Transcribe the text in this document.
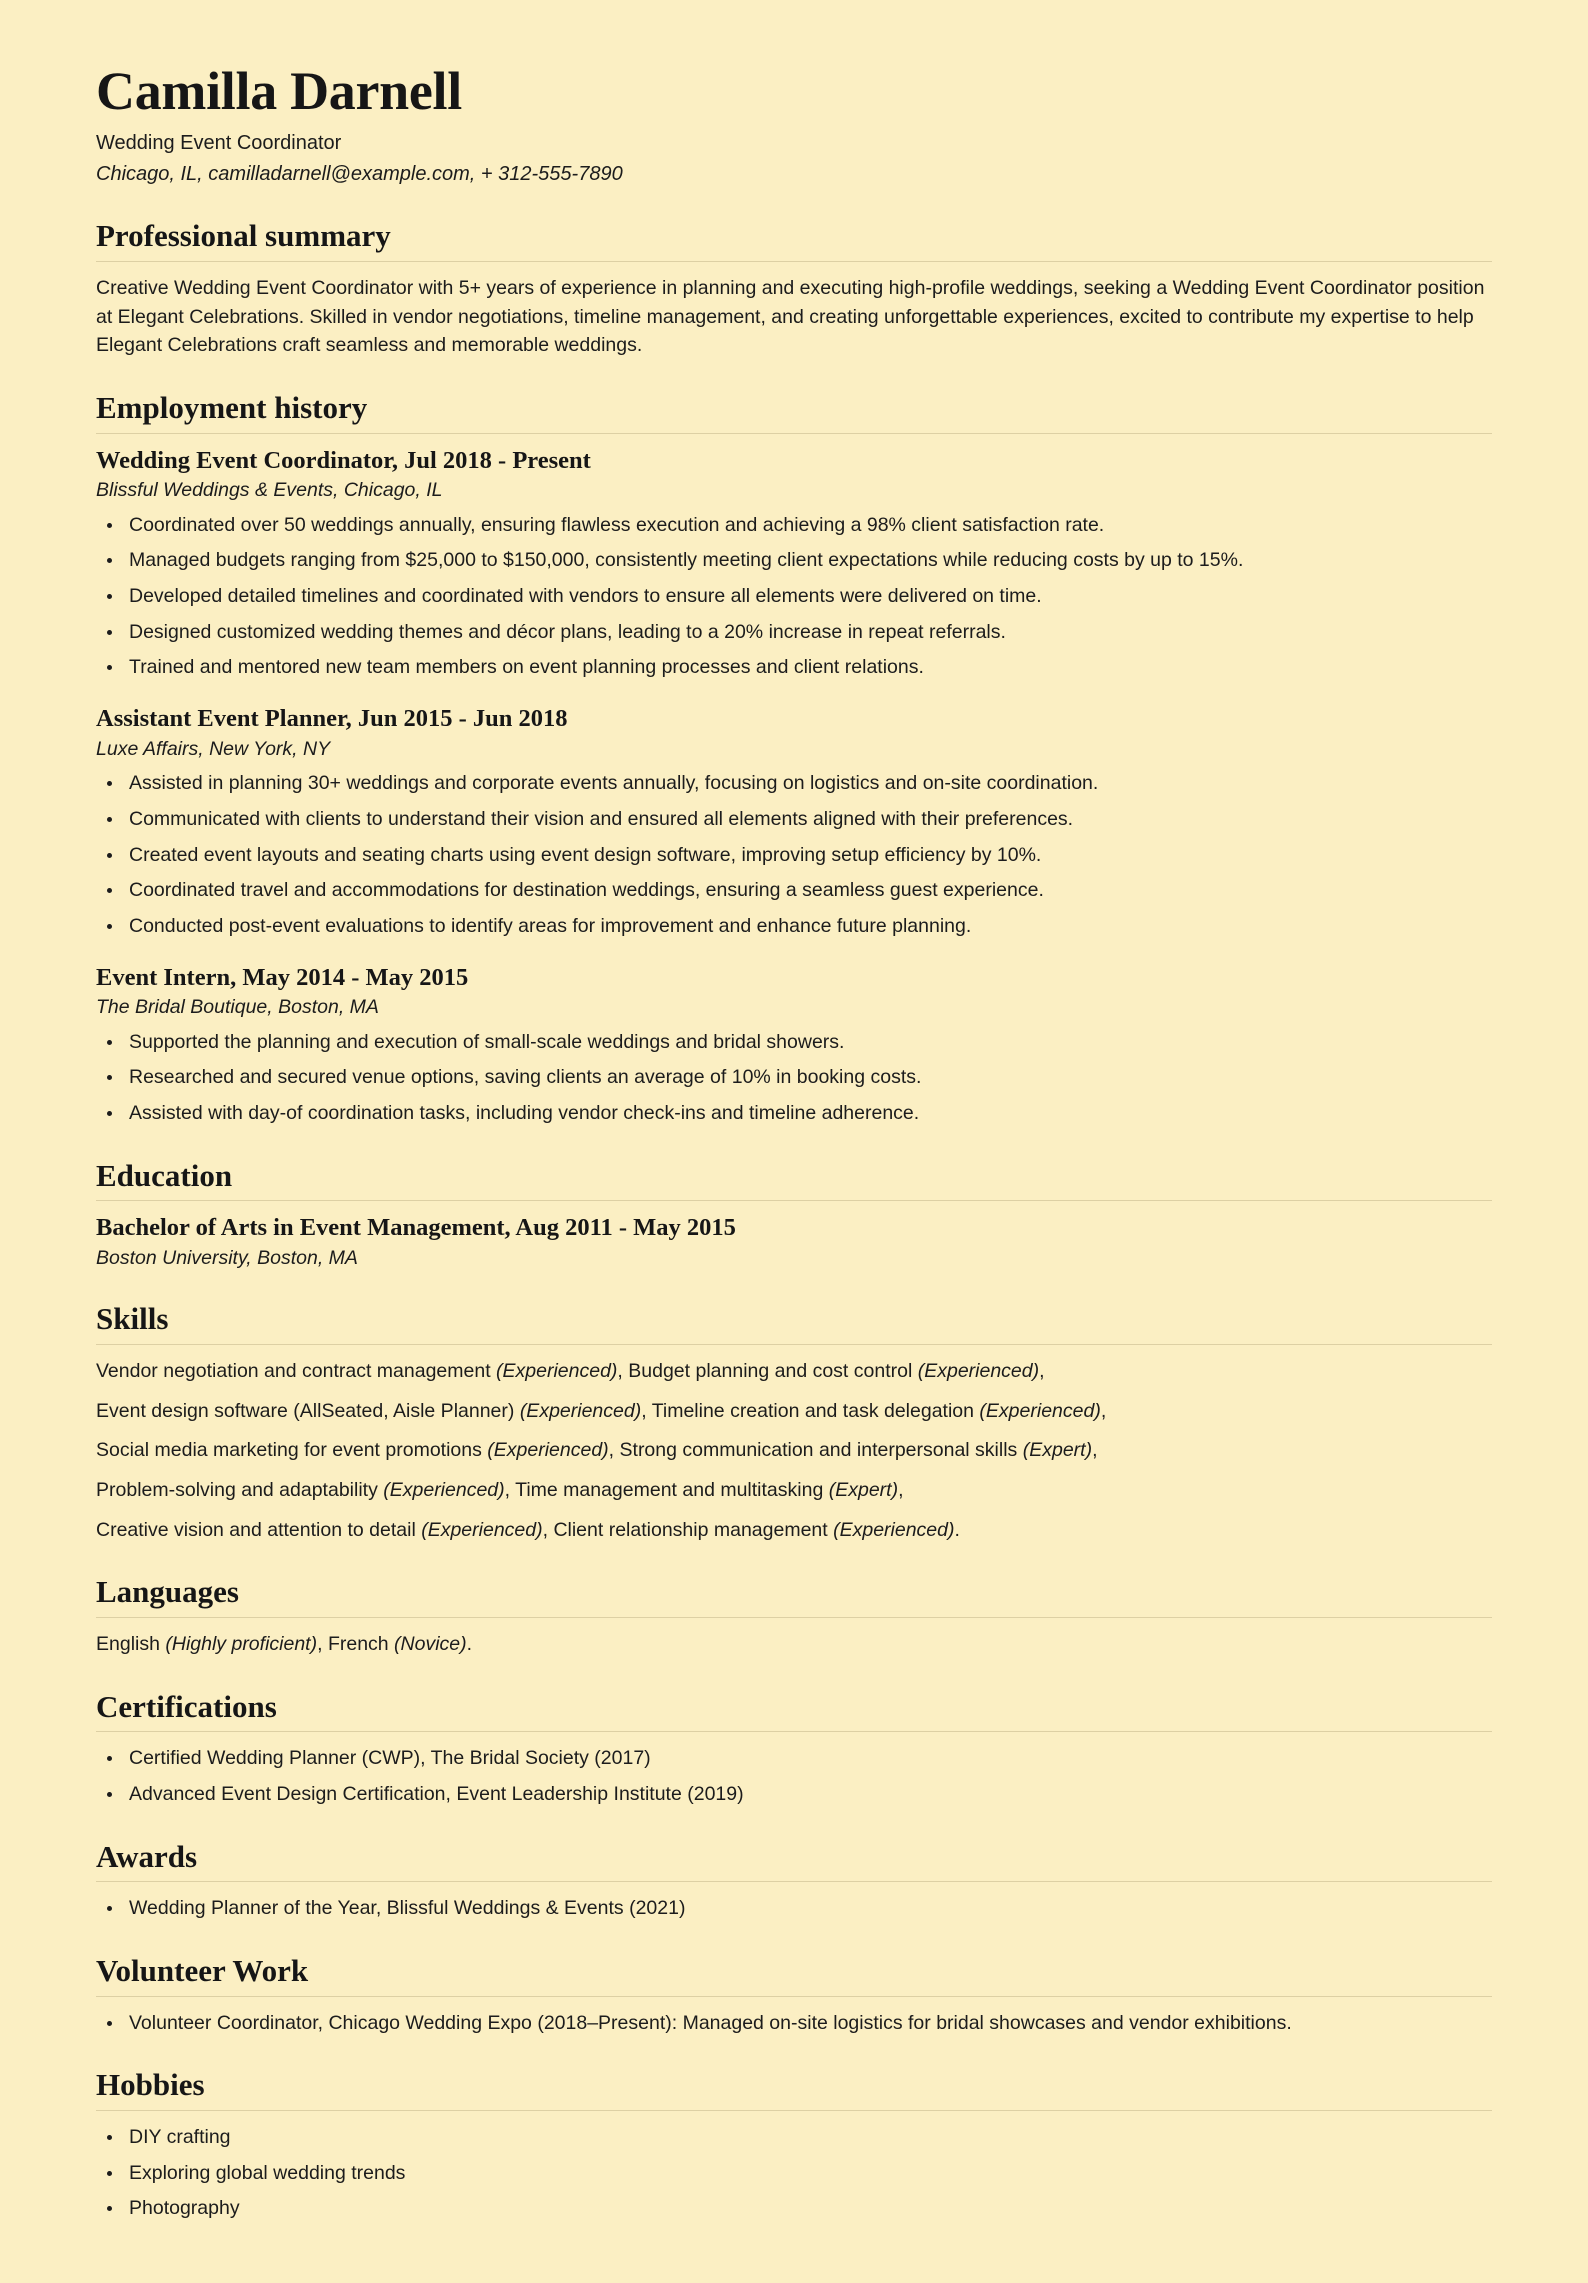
Camilla Darnell
Wedding Event Coordinator
Chicago, IL, camilladarnell@example.com, + 312-555-7890
Professional summary

Creative Wedding Event Coordinator with 5+ years of experience in planning and executing high-profile weddings, seeking a Wedding Event Coordinator position at Elegant Celebrations. Skilled in vendor negotiations, timeline management, and creating unforgettable experiences, excited to contribute my expertise to help Elegant Celebrations craft seamless and memorable weddings.

Employment history
Wedding Event Coordinator, Jul 2018 - Present
Blissful Weddings & Events, Chicago, IL
Coordinated over 50 weddings annually, ensuring flawless execution and achieving a 98% client satisfaction rate.
Managed budgets ranging from $25,000 to $150,000, consistently meeting client expectations while reducing costs by up to 15%.
Developed detailed timelines and coordinated with vendors to ensure all elements were delivered on time.
Designed customized wedding themes and décor plans, leading to a 20% increase in repeat referrals.
Trained and mentored new team members on event planning processes and client relations.
Assistant Event Planner, Jun 2015 - Jun 2018
Luxe Affairs, New York, NY
Assisted in planning 30+ weddings and corporate events annually, focusing on logistics and on-site coordination.
Communicated with clients to understand their vision and ensured all elements aligned with their preferences.
Created event layouts and seating charts using event design software, improving setup efficiency by 10%.
Coordinated travel and accommodations for destination weddings, ensuring a seamless guest experience.
Conducted post-event evaluations to identify areas for improvement and enhance future planning.
Event Intern, May 2014 - May 2015
The Bridal Boutique, Boston, MA
Supported the planning and execution of small-scale weddings and bridal showers.
Researched and secured venue options, saving clients an average of 10% in booking costs.
Assisted with day-of coordination tasks, including vendor check-ins and timeline adherence.
Education
Bachelor of Arts in Event Management, Aug 2011 - May 2015
Boston University, Boston, MA
Skills
Vendor negotiation and contract management (Experienced), Budget planning and cost control (Experienced),
Event design software (AllSeated, Aisle Planner) (Experienced), Timeline creation and task delegation (Experienced),
Social media marketing for event promotions (Experienced), Strong communication and interpersonal skills (Expert),
Problem-solving and adaptability (Experienced), Time management and multitasking (Expert),
Creative vision and attention to detail (Experienced), Client relationship management (Experienced).
Languages
English (Highly proficient), French (Novice).
Certifications
Certified Wedding Planner (CWP), The Bridal Society (2017)
Advanced Event Design Certification, Event Leadership Institute (2019)
Awards
Wedding Planner of the Year, Blissful Weddings & Events (2021)
Volunteer Work
Volunteer Coordinator, Chicago Wedding Expo (2018–Present): Managed on-site logistics for bridal showcases and vendor exhibitions.
Hobbies
DIY crafting
Exploring global wedding trends
Photography
